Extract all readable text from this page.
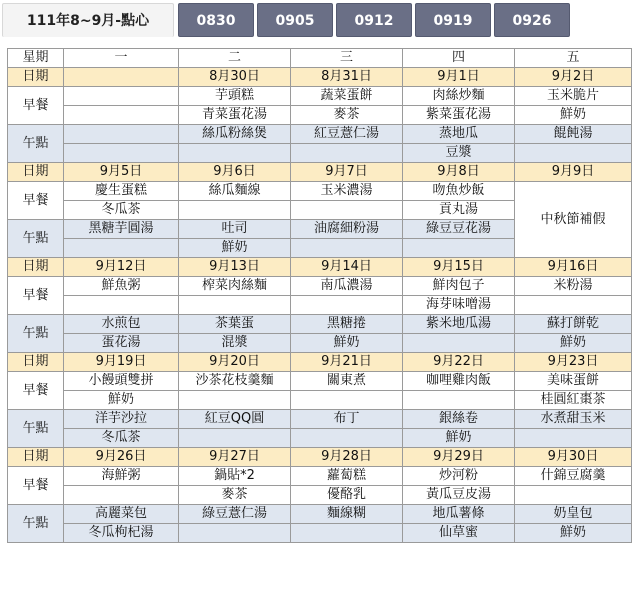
111年8~9月-點心	0830	0905	0912	0919	0926
星期	一	二	三	四	五
日期		8月30日	8月31日	9月1日	9月2日
早餐		芋頭糕	蔬菜蛋餅	肉絲炒麵	玉米脆片
		青菜蛋花湯	麥茶	紫菜蛋花湯	鮮奶
午點		絲瓜粉絲煲	紅豆薏仁湯	蒸地瓜	餛飩湯
				豆漿	
日期	9月5日	9月6日	9月7日	9月8日	9月9日
早餐	慶生蛋糕	絲瓜麵線	玉米濃湯	吻魚炒飯	中秋節補假
	冬瓜茶			貢丸湯	
午點	黑糖芋圓湯	吐司	油腐細粉湯	綠豆豆花湯	
		鮮奶			
日期	9月12日	9月13日	9月14日	9月15日	9月16日
早餐	鮮魚粥	榨菜肉絲麵	南瓜濃湯	鮮肉包子	米粉湯
				海芽味噌湯	
午點	水煎包	茶葉蛋	黑糖捲	紫米地瓜湯	蘇打餅乾
	蛋花湯	混漿	鮮奶		鮮奶
日期	9月19日	9月20日	9月21日	9月22日	9月23日
早餐	小饅頭雙拼	沙茶花枝羹麵	關東煮	咖哩雞肉飯	美味蛋餅
	鮮奶				桂圓紅棗茶
午點	洋芋沙拉	紅豆QQ圓	布丁	銀絲卷	水煮甜玉米
	冬瓜茶			鮮奶	
日期	9月26日	9月27日	9月28日	9月29日	9月30日
早餐	海鮮粥	鍋貼*2	蘿蔔糕	炒河粉	什錦豆腐羹
		麥茶	優酪乳	黃瓜豆皮湯	
午點	高麗菜包	綠豆薏仁湯	麵線糊	地瓜薯條	奶皇包
	冬瓜枸杞湯			仙草蜜	鮮奶
